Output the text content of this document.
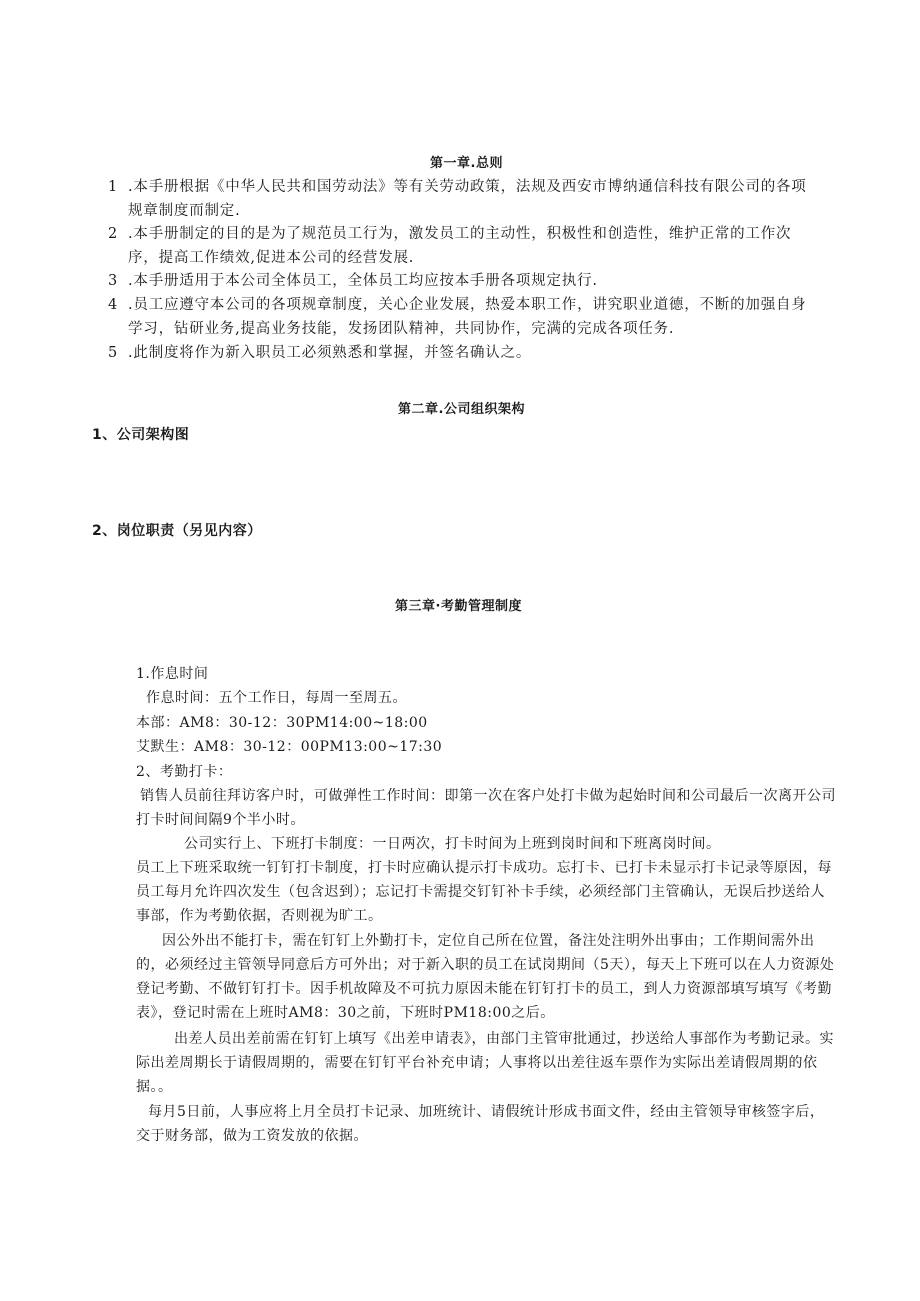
第一章.总则
1 .本手册根据《中华人民共和国劳动法》等有关劳动政策，法规及西安市博纳通信科技有限公司的各项规章制度而制定.
2 .本手册制定的目的是为了规范员工行为，激发员工的主动性，积极性和创造性，维护正常的工作次序，提高工作绩效,促进本公司的经营发展.
3 .本手册适用于本公司全体员工，全体员工均应按本手册各项规定执行.
4 .员工应遵守本公司的各项规章制度，关心企业发展，热爱本职工作，讲究职业道德，不断的加强自身学习，钻研业务,提高业务技能，发扬团队精神，共同协作，完满的完成各项任务.
5 .此制度将作为新入职员工必须熟悉和掌握，并签名确认之。
第二章.公司组织架构
1、公司架构图
2、岗位职责（另见内容）
第三章·考勤管理制度
1.作息时间
作息时间：五个工作日，每周一至周五。
本部：AM8：30-12：30PM14:00~18:00
艾默生：AM8：30-12：00PM13:00~17:30
2、考勤打卡：
销售人员前往拜访客户时，可做弹性工作时间：即第一次在客户处打卡做为起始时间和公司最后一次离开公司打卡时间间隔9个半小时。
公司实行上、下班打卡制度：一日两次，打卡时间为上班到岗时间和下班离岗时间。
员工上下班采取统一钉钉打卡制度，打卡时应确认提示打卡成功。忘打卡、已打卡未显示打卡记录等原因，每员工每月允许四次发生（包含迟到）；忘记打卡需提交钉钉补卡手续，必须经部门主管确认，无误后抄送给人事部，作为考勤依据，否则视为旷工。
因公外出不能打卡，需在钉钉上外勤打卡，定位自己所在位置，备注处注明外出事由；工作期间需外出的，必须经过主管领导同意后方可外出；对于新入职的员工在试岗期间（5天），每天上下班可以在人力资源处登记考勤、不做钉钉打卡。因手机故障及不可抗力原因未能在钉钉打卡的员工，到人力资源部填写填写《考勤表》，登记时需在上班时AM8：30之前，下班时PM18:00之后。
出差人员出差前需在钉钉上填写《出差申请表》，由部门主管审批通过，抄送给人事部作为考勤记录。实际出差周期长于请假周期的，需要在钉钉平台补充申请；人事将以出差往返车票作为实际出差请假周期的依据。。
每月5日前，人事应将上月全员打卡记录、加班统计、请假统计形成书面文件，经由主管领导审核签字后，交于财务部，做为工资发放的依据。
